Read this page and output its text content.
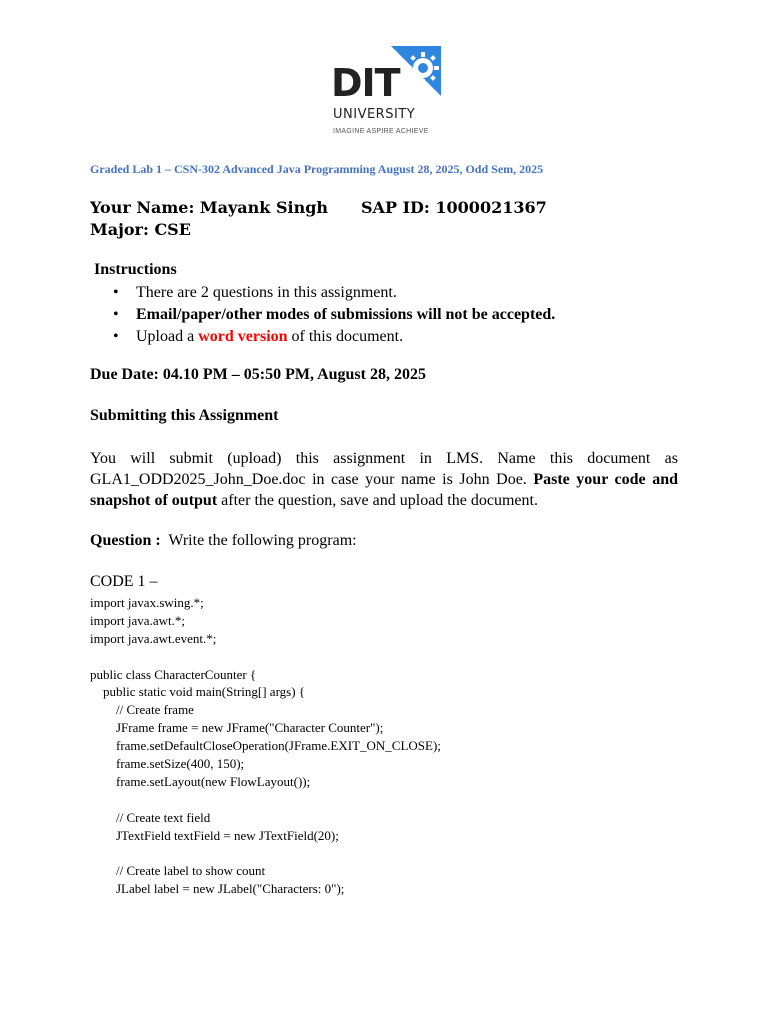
DIT
UNIVERSITY
IMAGINE ASPIRE ACHIEVE
Graded Lab 1 – CSN-302 Advanced Java Programming August 28, 2025, Odd Sem, 2025
Your Name: Mayank Singh SAP ID: 1000021367
Major: CSE
Instructions
• There are 2 questions in this assignment.
• Email/paper/other modes of submissions will not be accepted.
• Upload a word version of this document.
Due Date: 04.10 PM – 05:50 PM, August 28, 2025
Submitting this Assignment
You will submit (upload) this assignment in LMS. Name this document as GLA1_ODD2025_John_Doe.doc in case your name is John Doe. Paste your code and snapshot of output after the question, save and upload the document.
Question :  Write the following program:
CODE 1 –
import javax.swing.*;
import java.awt.*;
import java.awt.event.*;
public class CharacterCounter {
public static void main(String[] args) {
// Create frame
JFrame frame = new JFrame("Character Counter");
frame.setDefaultCloseOperation(JFrame.EXIT_ON_CLOSE);
frame.setSize(400, 150);
frame.setLayout(new FlowLayout());
// Create text field
JTextField textField = new JTextField(20);
// Create label to show count
JLabel label = new JLabel("Characters: 0");
